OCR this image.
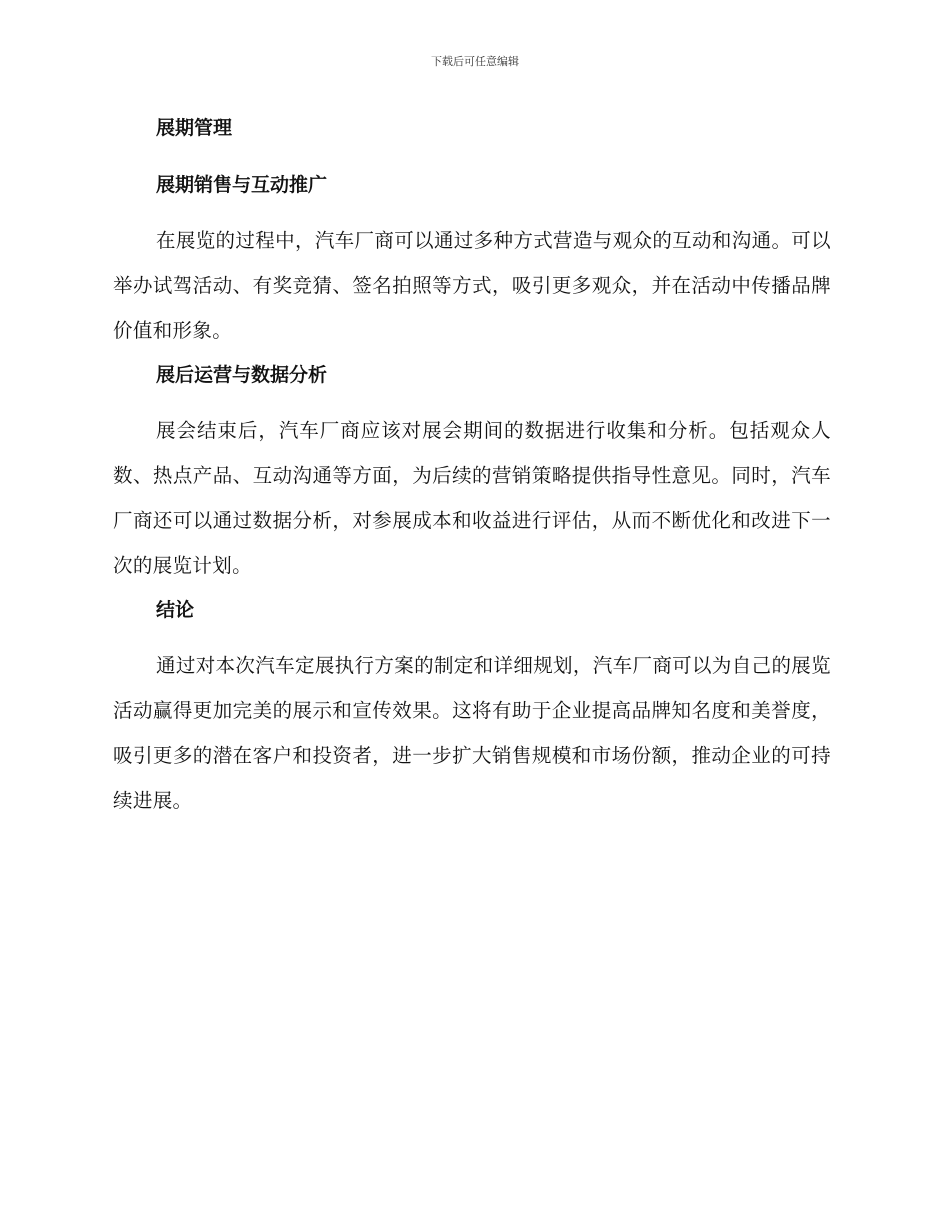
下载后可任意编辑
展期管理
展期销售与互动推广

在展览的过程中，汽车厂商可以通过多种方式营造与观众的互动和沟通。可以举办试驾活动、有奖竞猜、签名拍照等方式，吸引更多观众，并在活动中传播品牌价值和形象。

展后运营与数据分析

展会结束后，汽车厂商应该对展会期间的数据进行收集和分析。包括观众人数、热点产品、互动沟通等方面，为后续的营销策略提供指导性意见。同时，汽车厂商还可以通过数据分析，对参展成本和收益进行评估，从而不断优化和改进下一次的展览计划。

结论

通过对本次汽车定展执行方案的制定和详细规划，汽车厂商可以为自己的展览活动赢得更加完美的展示和宣传效果。这将有助于企业提高品牌知名度和美誉度，吸引更多的潜在客户和投资者，进一步扩大销售规模和市场份额，推动企业的可持续进展。
